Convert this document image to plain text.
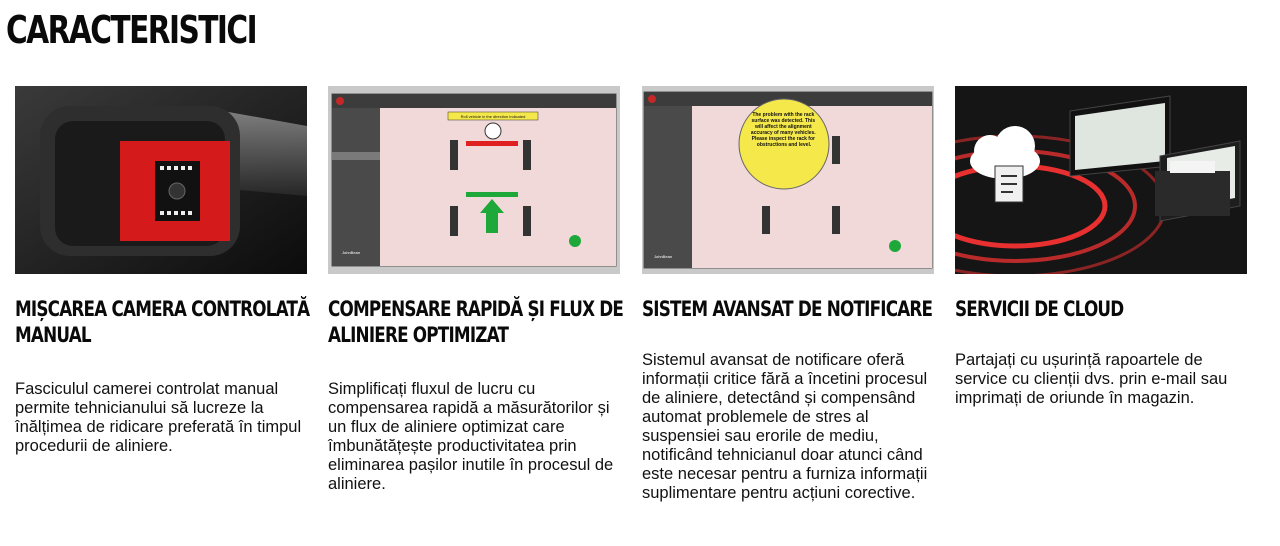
CARACTERISTICI
MIȘCAREA CAMERA CONTROLATĂ MANUAL

Fasciculul camerei controlat manual permite tehnicianului să lucreze la înălțimea de ridicare preferată în timpul procedurii de aliniere.

Roll vehicle in the direction indicated
JohnBean
COMPENSARE RAPIDĂ ȘI FLUX DE ALINIERE OPTIMIZAT

Simplificați fluxul de lucru cu compensarea rapidă a măsurătorilor și un flux de aliniere optimizat care îmbunătățește productivitatea prin eliminarea pașilor inutile în procesul de aliniere.

The problem with the rack surface was detected. This will affect the alignment accuracy of many vehicles. Please inspect the rack for obstructions and level.
JohnBean
SISTEM AVANSAT DE NOTIFICARE

Sistemul avansat de notificare oferă informații critice fără a încetini procesul de aliniere, detectând și compensând automat problemele de stres al suspensiei sau erorile de mediu, notificând tehnicianul doar atunci când este necesar pentru a furniza informații suplimentare pentru acțiuni corective.

SERVICII DE CLOUD

Partajați cu ușurință rapoartele de service cu clienții dvs. prin e-mail sau imprimați de oriunde în magazin.
